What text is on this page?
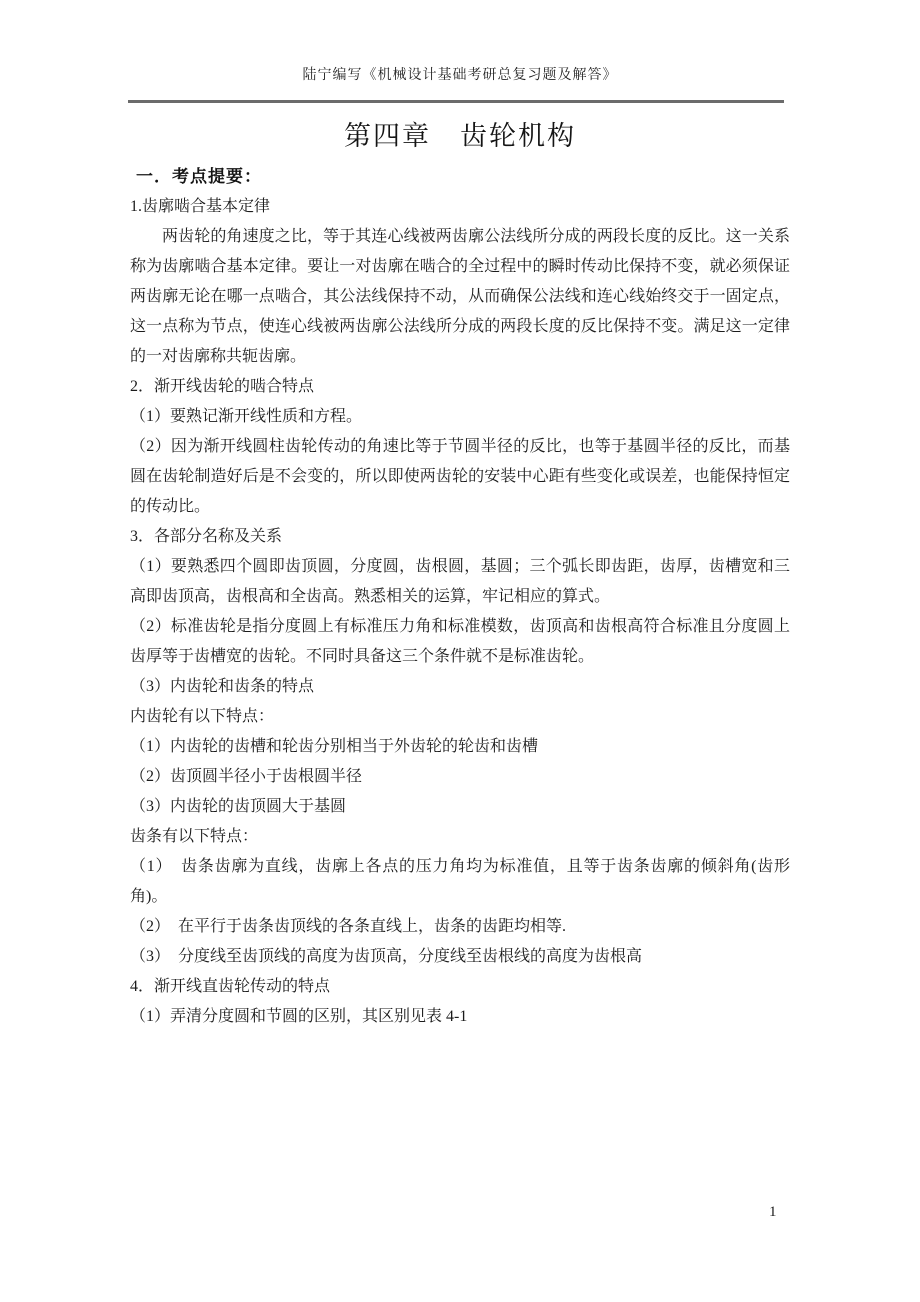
陆宁编写《机械设计基础考研总复习题及解答》
第四章　齿轮机构
一．考点提要：

1.齿廓啮合基本定律

两齿轮的角速度之比，等于其连心线被两齿廓公法线所分成的两段长度的反比。这一关系称为齿廓啮合基本定律。要让一对齿廓在啮合的全过程中的瞬时传动比保持不变，就必须保证两齿廓无论在哪一点啮合，其公法线保持不动，从而确保公法线和连心线始终交于一固定点，这一点称为节点，使连心线被两齿廓公法线所分成的两段长度的反比保持不变。满足这一定律的一对齿廓称共轭齿廓。

2．渐开线齿轮的啮合特点

（1）要熟记渐开线性质和方程。

（2）因为渐开线圆柱齿轮传动的角速比等于节圆半径的反比，也等于基圆半径的反比，而基圆在齿轮制造好后是不会变的，所以即使两齿轮的安装中心距有些变化或误差，也能保持恒定的传动比。

3．各部分名称及关系

（1）要熟悉四个圆即齿顶圆，分度圆，齿根圆，基圆；三个弧长即齿距，齿厚，齿槽宽和三高即齿顶高，齿根高和全齿高。熟悉相关的运算，牢记相应的算式。

（2）标准齿轮是指分度圆上有标准压力角和标准模数，齿顶高和齿根高符合标准且分度圆上齿厚等于齿槽宽的齿轮。不同时具备这三个条件就不是标准齿轮。

（3）内齿轮和齿条的特点

内齿轮有以下特点：

（1）内齿轮的齿槽和轮齿分别相当于外齿轮的轮齿和齿槽

（2）齿顶圆半径小于齿根圆半径

（3）内齿轮的齿顶圆大于基圆

齿条有以下特点：

（1）　齿条齿廓为直线，齿廓上各点的压力角均为标准值，且等于齿条齿廓的倾斜角(齿形角)。

（2）　在平行于齿条齿顶线的各条直线上，齿条的齿距均相等.

（3）　分度线至齿顶线的高度为齿顶高，分度线至齿根线的高度为齿根高

4．渐开线直齿轮传动的特点

（1）弄清分度圆和节圆的区别，其区别见表 4-1

1
